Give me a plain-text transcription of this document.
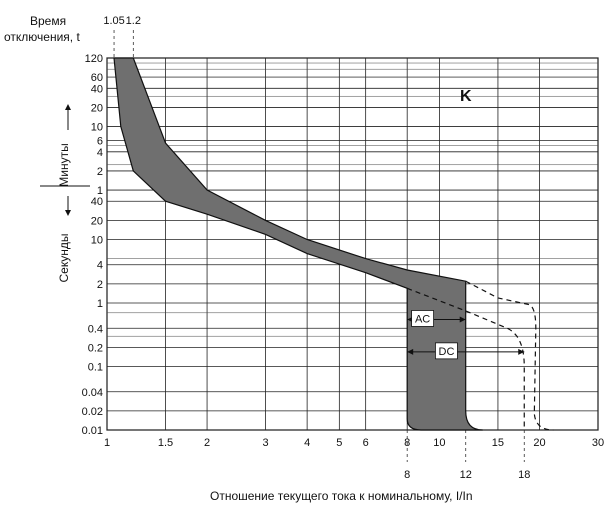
AC
DC
1	1.5	2	3	4 5 6	8 10	15	20	30
120
60
40
20
10
6
4
2
1
40
20
10
4
2
1
0.4
0.2
0.1
0.04
0.02
0.01
1.05 1.2
8	12	18
Время
отключения, t
Минуты
Секунды
K
Отношение текущего тока к номинальному, I/In
